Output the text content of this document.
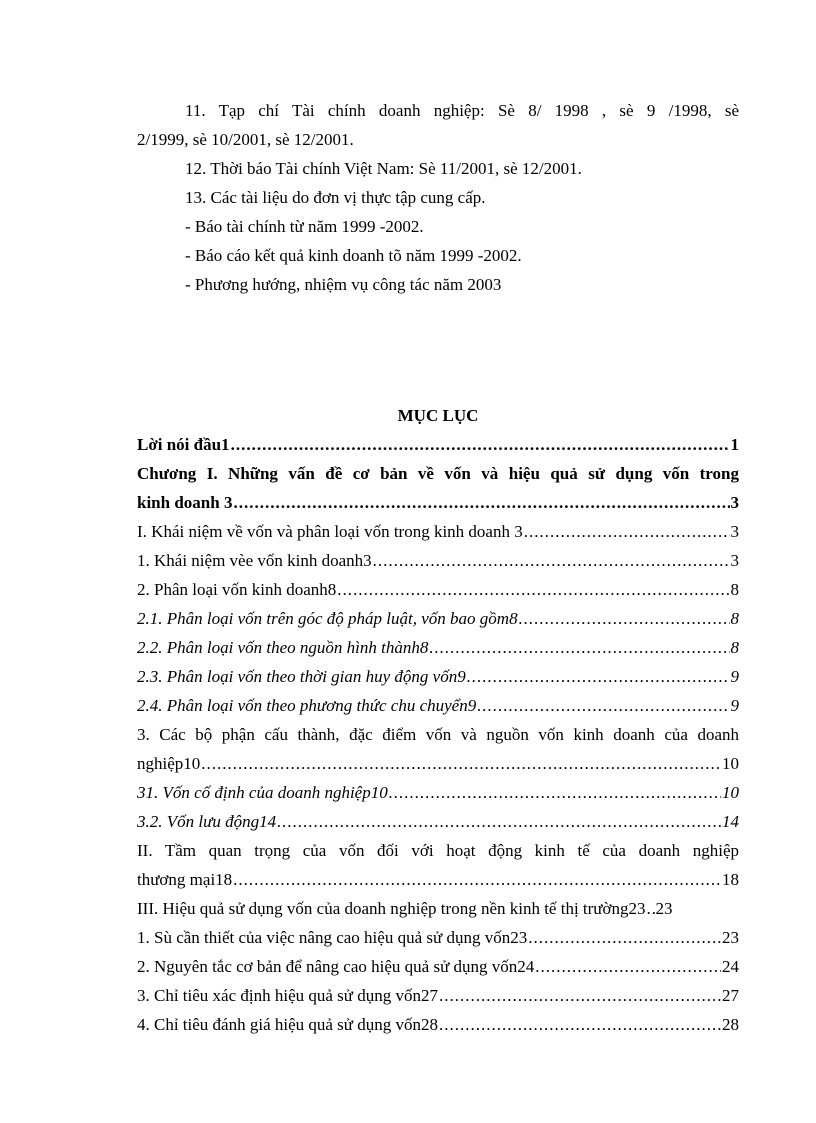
11. Tạp chí Tài chính doanh nghiệp: Sè 8/ 1998 , sè 9 /1998, sè

2/1999, sè 10/2001, sè 12/2001.

12. Thời báo Tài chính Việt Nam: Sè 11/2001, sè 12/2001.

13. Các tài liệu do đơn vị thực tập cung cấp.

- Báo tài chính từ năm 1999 -2002.

- Báo cáo kết quả kinh doanh tõ năm 1999 -2002.

- Phương hướng, nhiệm vụ công tác năm 2003

MỤC LỤC

Lời nói đầu1 .....	1
Chương I. Những vấn đề cơ bản về vốn và hiệu quả sử dụng vốn trong
kinh doanh 3 .....	3
I. Khái niệm về vốn và phân loại vốn trong kinh doanh 3 .....	3
1. Khái niệm vèe vốn kinh doanh3 .....	3
2. Phân loại vốn kinh doanh8 .....	8
2.1. Phân loại vốn trên góc độ pháp luật, vốn bao gồm8 .....	8
2.2. Phân loại vốn theo nguồn hình thành8 .....	8
2.3. Phân loại vốn theo thời gian huy động vốn9 .....	9
2.4. Phân loại vốn theo phương thức chu chuyển9 .....	9
3. Các bộ phận cấu thành, đặc điểm vốn và nguồn vốn kinh doanh của doanh
nghiệp10 .....	10
31. Vốn cố định của doanh nghiệp10 .....	10
3.2. Vốn lưu động14 .....	14
II. Tầm quan trọng của vốn đối với hoạt động kinh tế của doanh nghiệp
thương mại18 .....	18
III. Hiệu quả sử dụng vốn của doanh nghiệp trong nền kinh tế thị trường23 ..... 23
1. Sù cần thiết của việc nâng cao hiệu quả sử dụng vốn23 .....	23
2. Nguyên tắc cơ bản để nâng cao hiệu quả sử dụng vốn24 .....	24
3. Chỉ tiêu xác định hiệu quả sử dụng vốn27 .....	27
4. Chỉ tiêu đánh giá hiệu quả sử dụng vốn28 .....	28
